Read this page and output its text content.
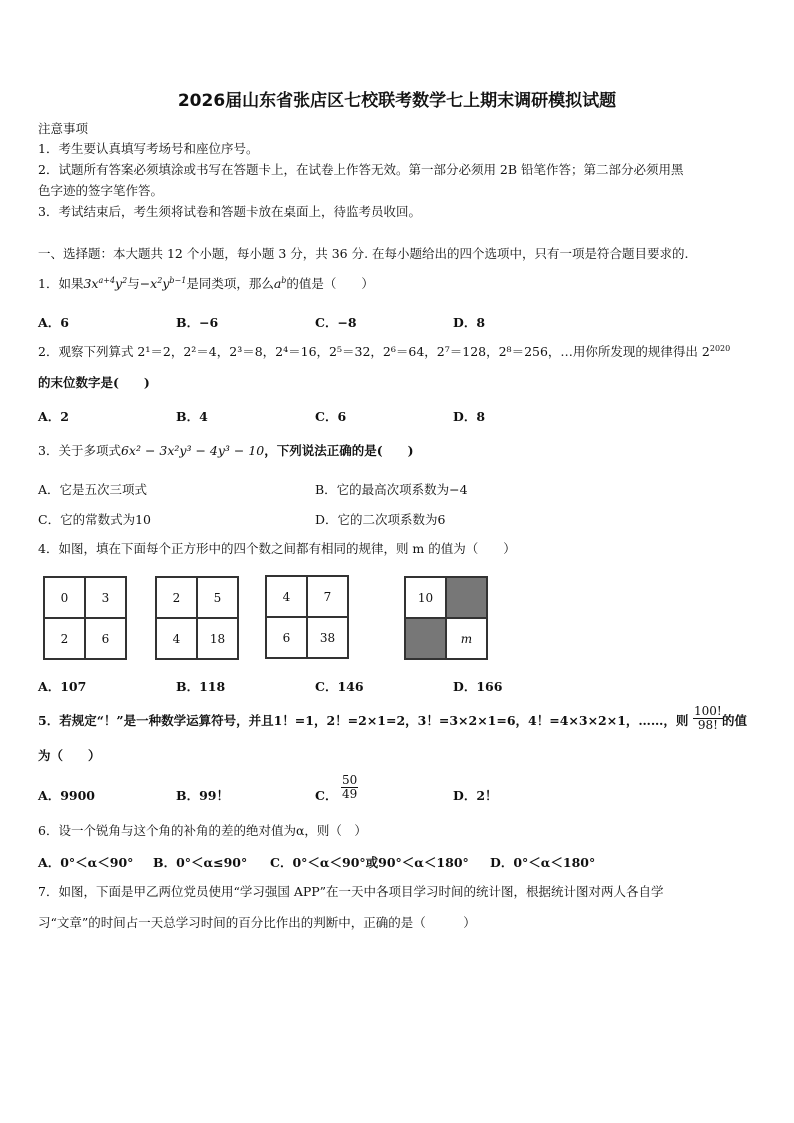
2026届山东省张店区七校联考数学七上期末调研模拟试题
注意事项
1．考生要认真填写考场号和座位序号。
2．试题所有答案必须填涂或书写在答题卡上，在试卷上作答无效。第一部分必须用 2B 铅笔作答；第二部分必须用黑
色字迹的签字笔作答。
3．考试结束后，考生须将试卷和答题卡放在桌面上，待监考员收回。
一、选择题：本大题共 12 个小题，每小题 3 分，共 36 分. 在每小题给出的四个选项中，只有一项是符合题目要求的.
1．如果$3x^{a+4}y^2$与$-x^2y^{b-1}$是同类项，那么$a^b$的值是（　　）
A．6	B．−6	C．−8	D．8
2．观察下列算式 2¹＝2，2²＝4，2³＝8，2⁴＝16，2⁵＝32，2⁶＝64，2⁷＝128，2⁸＝256，…用你所发现的规律得出 $2^{2020}$
的末位数字是(　　)
A．2	B．4	C．6	D．8
3．关于多项式6x² − 3x²y³ − 4y³ − 10，下列说法正确的是(　　)
A．它是五次三项式	B．它的最高次项系数为−4
C．它的常数式为10	D．它的二次项系数为6
4．如图，填在下面每个正方形中的四个数之间都有相同的规律，则 m 的值为（　　）
0	3
2	6
2	5
4	18
4	7
6	38
10
m
A．107	B．118	C．146	D．166
5．若规定“！”是一种数学运算符号，并且1！=1，2！=2×1=2，3！=3×2×1=6，4！=4×3×2×1，……，则 $\frac{100!}{98!}$ 的值
为（　　）
A．9900	B．99！	C． $\frac{50}{49}$	D．2！
6．设一个锐角与这个角的补角的差的绝对值为α，则（　）
A．0°＜α＜90° B．0°＜α≤90° C．0°＜α＜90°或90°＜α＜180° D．0°＜α＜180°
7．如图，下面是甲乙两位党员使用“学习强国 APP”在一天中各项目学习时间的统计图，根据统计图对两人各自学
习“文章”的时间占一天总学习时间的百分比作出的判断中，正确的是（　　　）
